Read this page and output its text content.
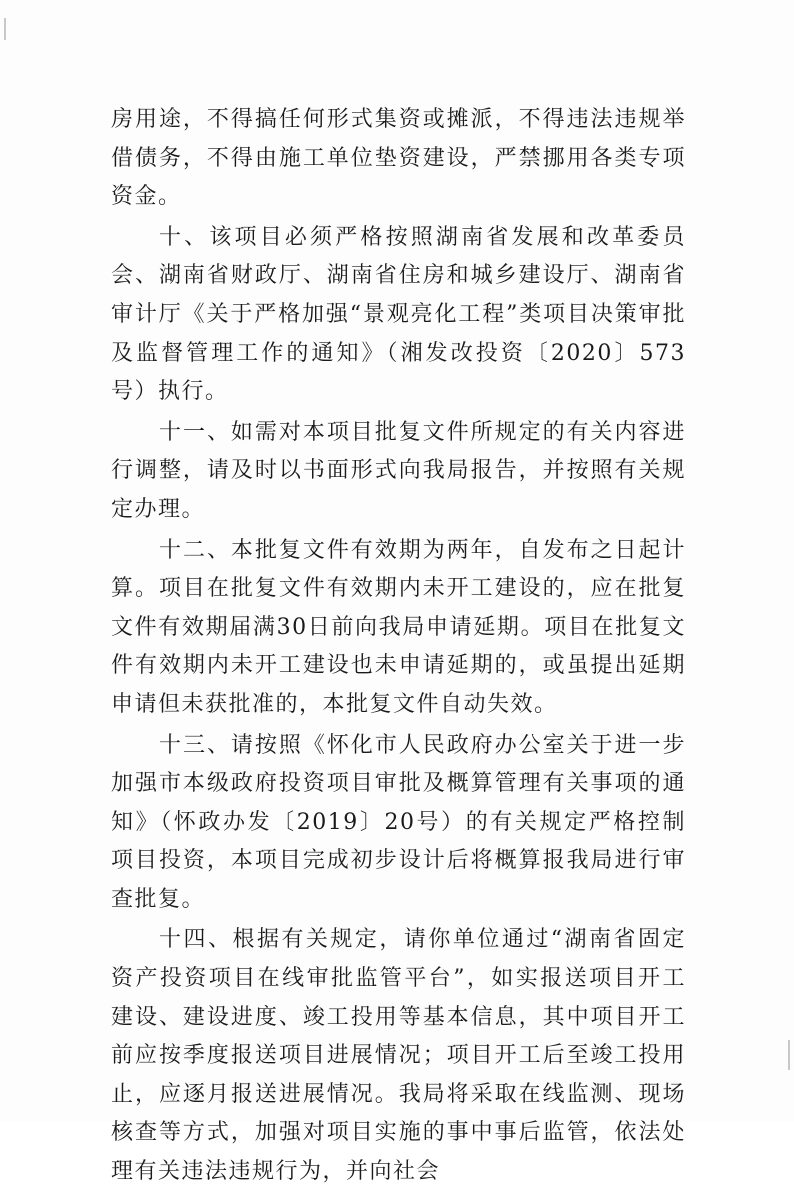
房用途，不得搞任何形式集资或摊派，不得违法违规举借债务，不得由施工单位垫资建设，严禁挪用各类专项资金。

十、该项目必须严格按照湖南省发展和改革委员会、湖南省财政厅、湖南省住房和城乡建设厅、湖南省审计厅《关于严格加强“景观亮化工程”类项目决策审批及监督管理工作的通知》（湘发改投资〔2020〕573号）执行。

十一、如需对本项目批复文件所规定的有关内容进行调整，请及时以书面形式向我局报告，并按照有关规定办理。

十二、本批复文件有效期为两年，自发布之日起计算。项目在批复文件有效期内未开工建设的，应在批复文件有效期届满30日前向我局申请延期。项目在批复文件有效期内未开工建设也未申请延期的，或虽提出延期申请但未获批准的，本批复文件自动失效。

十三、请按照《怀化市人民政府办公室关于进一步加强市本级政府投资项目审批及概算管理有关事项的通知》（怀政办发〔2019〕20号）的有关规定严格控制项目投资，本项目完成初步设计后将概算报我局进行审查批复。

十四、根据有关规定，请你单位通过“湖南省固定资产投资项目在线审批监管平台”，如实报送项目开工建设、建设进度、竣工投用等基本信息，其中项目开工前应按季度报送项目进展情况；项目开工后至竣工投用止，应逐月报送进展情况。我局将采取在线监测、现场核查等方式，加强对项目实施的事中事后监管，依法处理有关违法违规行为，并向社会
